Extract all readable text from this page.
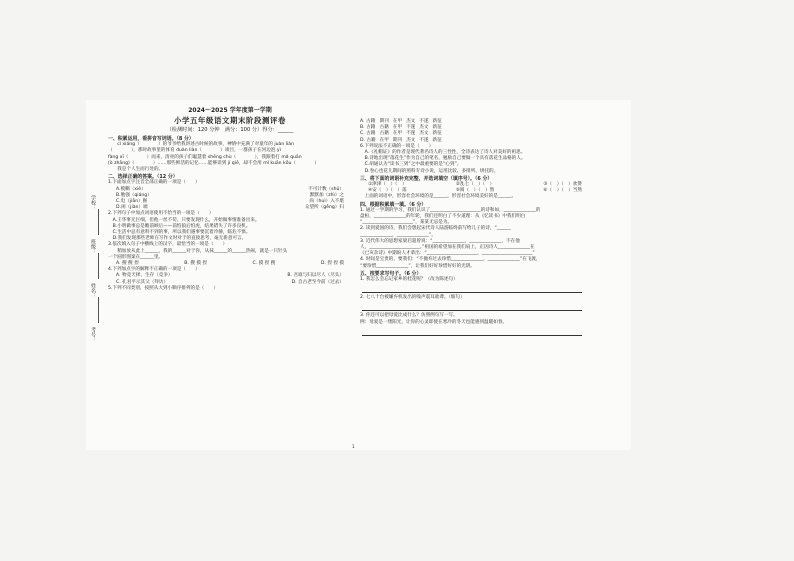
学校：
班级：
姓名：
考号：
2024～2025 学年度第一学期
小学五年级语文期末阶段测评卷
（检测时间：120 分钟　满分：100 分）得分：______
一、积累运用，看拼音写词语。（8 分）
　　cí xiáng（　　　　）的爷爷给我讲述古时候的故事，神情中充满了对童年的 juàn liàn
（　　　　），那时故事里的体育 duàn liàn（　　　　）项目，一群孩子在河边泡 yì
fàng xī（　　　　）而来，清亮的孩子们聪慧着 shēng chù（　　　　），我跟着打 mǎ quān
(ò zhāng)（　　　　）……那些鲜活的记忆……能够读到 jí qiē，却不会用 mǐ kuān kǒu（　　　　）
　　我是个人生而行处的。
二、选择正确的答案。（12 分）
1.下面加点字注音全部正确的一项是（　　）
A.模糊（xiè）	不可计数（shǔ）
B.勉强（qiáng）	默默加（zhì）之
C.电（jiān）猴	尚（huì）入不堪
D.闲（jiàn）端	众望所（gěng）归
2.下列句子中加点词语使用不恰当的一项是（　　）
　A.王华事无巨细，但他一丝不苟，只要发现什么，开始做事情准备出来。
　B.小明做事总是瞻前顾后——前怕狼后怕虎，结果错失了许多良机。
　C.生活中总有意料不到的事，所以我们遇事要沉着冷静，临危不惧。
　D.我们发现那些老师在写作文时对于的直接思考，毫无新意可言。
3.依次填入句子中横线上的汉字，最恰当的一项是（　　）
　　稍加放从此上______，我的______对于你，从抹______的______热闹，就是一只针头
一个圆形图案在______里。
A. 搜 搜 捏	B. 搜 摸 捏	C. 摸 捏 搜	D. 捏 捏 摸
4.下列加点字的解释不正确的一项是（　　）
A. 物竞天择、生存（竞争）	B. 吾谁与归以尽人（尽头）
C. 孔君平示其父（拜访）	D. 自古老至今前（过去）
5.下列不同类别，按照从大到小顺序排列的是（　　）
A. 古籍	期刊	在甲	杰文	不遂	新征
B. 古籍	古籍	在甲	不遂	杰文	新征
C. 古籍	古籍	在甲	不遂	杰文	新征
D. 古籍	在甲	期刊	杰文	不遂	新征
6.下列说法不正确的一项是（　　）
　A.《礼帽证》的作者是现代著名诗人的三性性，全诗表达了诗人对美好的祖思。
　B.诗地出现“落花生”作为自己的笔名，勉励自己要做一个具有落花生品格的人。
　C.胡通认为“读书三到”之中最重要的是“心到”。
　D.卷心也花儿期间的照料专诗小说，运用比较、多排列、烘托的。
三、将下面的词语补充完整，并选词填空（填序号）。（6 分）
①津津（　）（　）	②乱七（　）（　）	③（　）（　）欢赞
④安（　）（　）落	⑤阅（　）（　）然	⑥（　）（　）当然
　上面的词语中，形容社会环境的是______，形容社会环境美好的是______。
四、根据积累填一填。（6 分）
1. 通过一学期的学习，我们认识了______________________的诗和如，______________的
盘桓，______________的年轮，我们还明白了不少道理：从《忆读书》中我们明白
“______________________”，某某无忌是为。
2. 读到爱国的诗，我们会想起宋代诗人陆游临终前写给儿子的诗，“______
______________，______________”。
3. 近代伟大的思想家梁启超曾说：“______________，______________，不在他
人，______________________。”祖国的希望加在我们肩上，正因诗人______________在
《已亥杂诗》中期盼人才辈出：“______________________，______________________”
4. 时间是宝贵的，要我们：“不抛弃过去珍惜______________，______________”在飞渡，
“要珍惜______________”，让我们好好珍惜好好的光阴。
五、按要求写句子。（6 分）
1. 我怎么会忘记家乡的桂花呢？（改为陈述句）
2. 七八十台被嫌弃机发出的噪声震耳欲聋。（缩句）
3. 你还可以把母爱比成什么？仿照例句写一写。
例：母爱是一缕阳光，让你的心灵即使在寒冷的冬天也能感到温暖如春。
1
